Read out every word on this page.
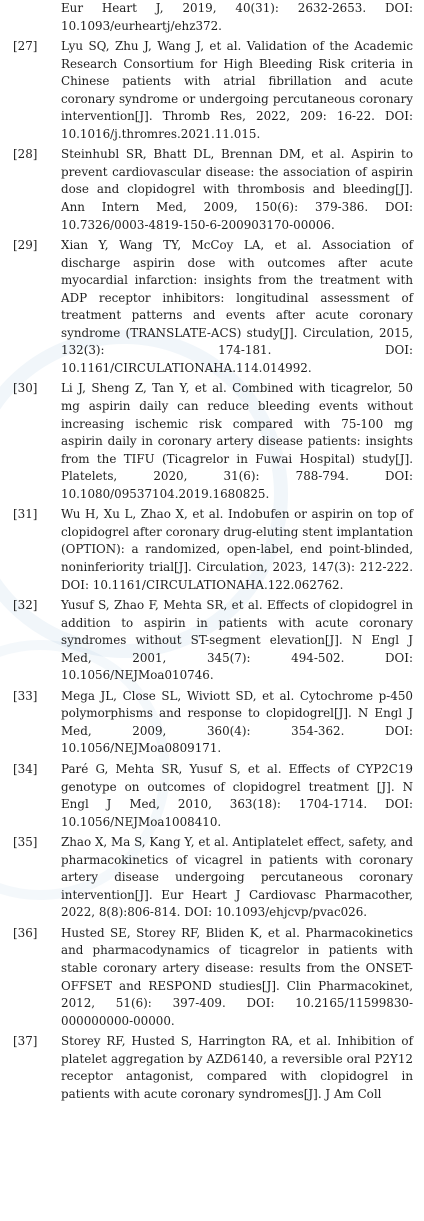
Eur Heart J, 2019, 40(31): 2632-2653. DOI: 10.1093/eurheartj/ehz372.
[27]	Lyu SQ, Zhu J, Wang J, et al. Validation of the Academic Research Consortium for High Bleeding Risk criteria in Chinese patients with atrial fibrillation and acute coronary syndrome or undergoing percutaneous coronary intervention[J]. Thromb Res, 2022, 209: 16-22. DOI: 10.1016/j.thromres.2021.11.015.
[28]	Steinhubl SR, Bhatt DL, Brennan DM, et al. Aspirin to prevent cardiovascular disease: the association of aspirin dose and clopidogrel with thrombosis and bleeding[J]. Ann Intern Med, 2009, 150(6): 379-386. DOI: 10.7326/0003-4819-150-6-200903170-00006.
[29]	Xian Y, Wang TY, McCoy LA, et al. Association of discharge aspirin dose with outcomes after acute myocardial infarction: insights from the treatment with ADP receptor inhibitors: longitudinal assessment of treatment patterns and events after acute coronary syndrome (TRANSLATE-ACS) study[J]. Circulation, 2015, 132(3): 174-181. DOI: 10.1161/CIRCULATIONAHA.114.014992.
[30]	Li J, Sheng Z, Tan Y, et al. Combined with ticagrelor, 50 mg aspirin daily can reduce bleeding events without increasing ischemic risk compared with 75-100 mg aspirin daily in coronary artery disease patients: insights from the TIFU (Ticagrelor in Fuwai Hospital) study[J]. Platelets, 2020, 31(6): 788-794. DOI: 10.1080/09537104.2019.1680825.
[31]	Wu H, Xu L, Zhao X, et al. Indobufen or aspirin on top of clopidogrel after coronary drug-eluting stent implantation (OPTION): a randomized, open-label, end point-blinded, noninferiority trial[J]. Circulation, 2023, 147(3): 212-222. DOI: 10.1161/CIRCULATIONAHA.122.062762.
[32]	Yusuf S, Zhao F, Mehta SR, et al. Effects of clopidogrel in addition to aspirin in patients with acute coronary syndromes without ST-segment elevation[J]. N Engl J Med, 2001, 345(7): 494-502. DOI: 10.1056/NEJMoa010746.
[33]	Mega JL, Close SL, Wiviott SD, et al. Cytochrome p-450 polymorphisms and response to clopidogrel[J]. N Engl J Med, 2009, 360(4): 354-362. DOI: 10.1056/NEJMoa0809171.
[34]	Paré G, Mehta SR, Yusuf S, et al. Effects of CYP2C19 genotype on outcomes of clopidogrel treatment [J]. N Engl J Med, 2010, 363(18): 1704-1714. DOI: 10.1056/NEJMoa1008410.
[35]	Zhao X, Ma S, Kang Y, et al. Antiplatelet effect, safety, and pharmacokinetics of vicagrel in patients with coronary artery disease undergoing percutaneous coronary intervention[J]. Eur Heart J Cardiovasc Pharmacother, 2022, 8(8):806-814. DOI: 10.1093/ehjcvp/pvac026.
[36]	Husted SE, Storey RF, Bliden K, et al. Pharmacokinetics and pharmacodynamics of ticagrelor in patients with stable coronary artery disease: results from the ONSET-OFFSET and RESPOND studies[J]. Clin Pharmacokinet, 2012, 51(6): 397-409. DOI: 10.2165/11599830-000000000-00000.
[37]	Storey RF, Husted S, Harrington RA, et al. Inhibition of platelet aggregation by AZD6140, a reversible oral P2Y12 receptor antagonist, compared with clopidogrel in patients with acute coronary syndromes[J]. J Am Coll
